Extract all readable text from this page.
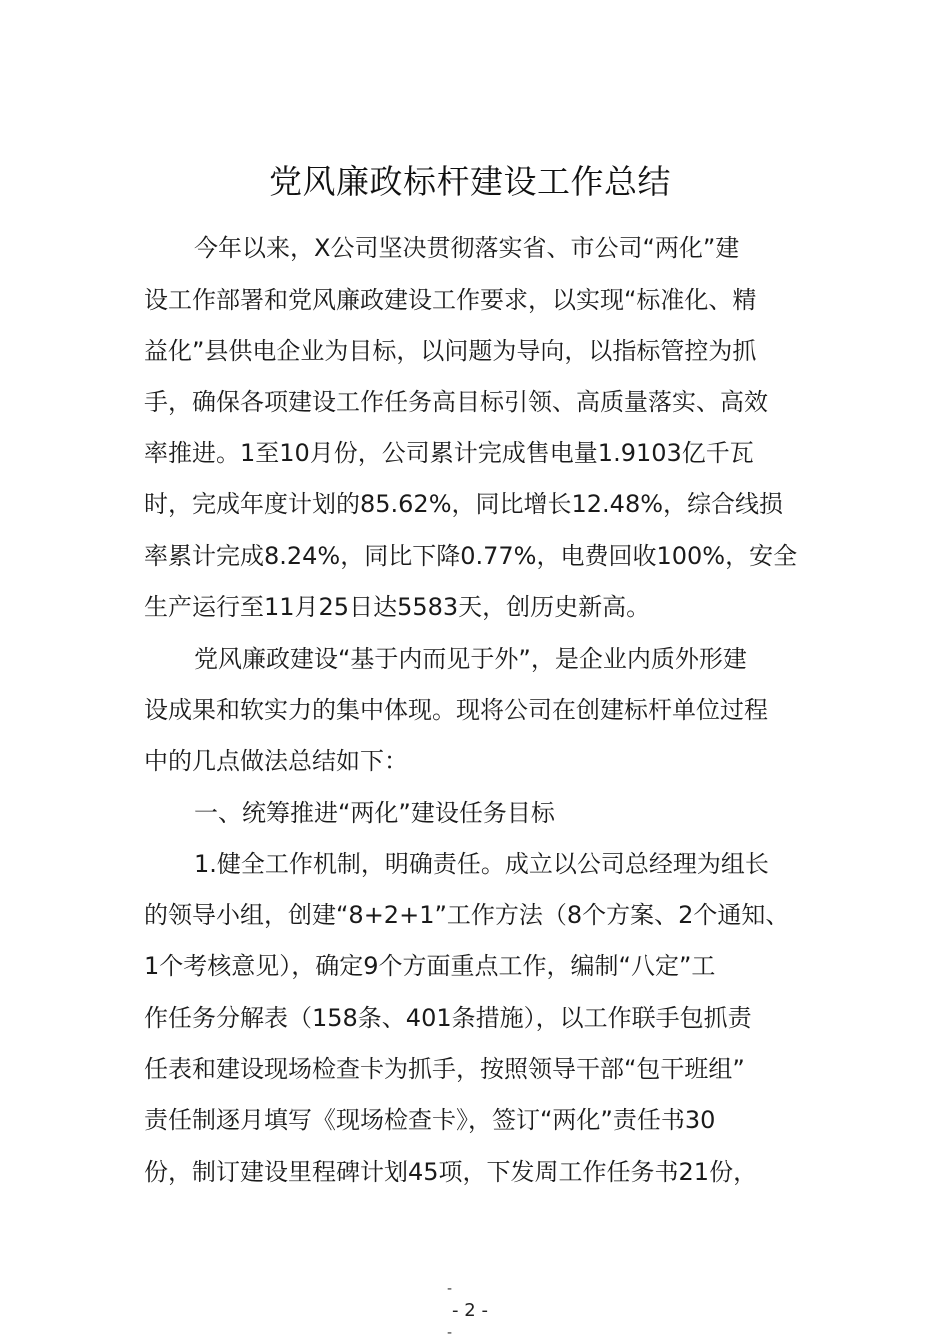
党风廉政标杆建设工作总结
今年以来，X公司坚决贯彻落实省、市公司“两化”建
设工作部署和党风廉政建设工作要求，以实现“标准化、精
益化”县供电企业为目标，以问题为导向，以指标管控为抓
手，确保各项建设工作任务高目标引领、高质量落实、高效
率推进。1至10月份，公司累计完成售电量1.9103亿千瓦
时，完成年度计划的85.62%，同比增长12.48%，综合线损
率累计完成8.24%，同比下降0.77%，电费回收100%，安全
生产运行至11月25日达5583天，创历史新高。
党风廉政建设“基于内而见于外”，是企业内质外形建
设成果和软实力的集中体现。现将公司在创建标杆单位过程
中的几点做法总结如下：
一、统筹推进“两化”建设任务目标
1.健全工作机制，明确责任。成立以公司总经理为组长
的领导小组，创建“8+2+1”工作方法（8个方案、2个通知、
1个考核意见），确定9个方面重点工作，编制“八定”工
作任务分解表（158条、401条措施），以工作联手包抓责
任表和建设现场检查卡为抓手，按照领导干部“包干班组”
责任制逐月填写《现场检查卡》，签订“两化”责任书30
份，制订建设里程碑计划45项，下发周工作任务书21份，
-
- 2 -
-
